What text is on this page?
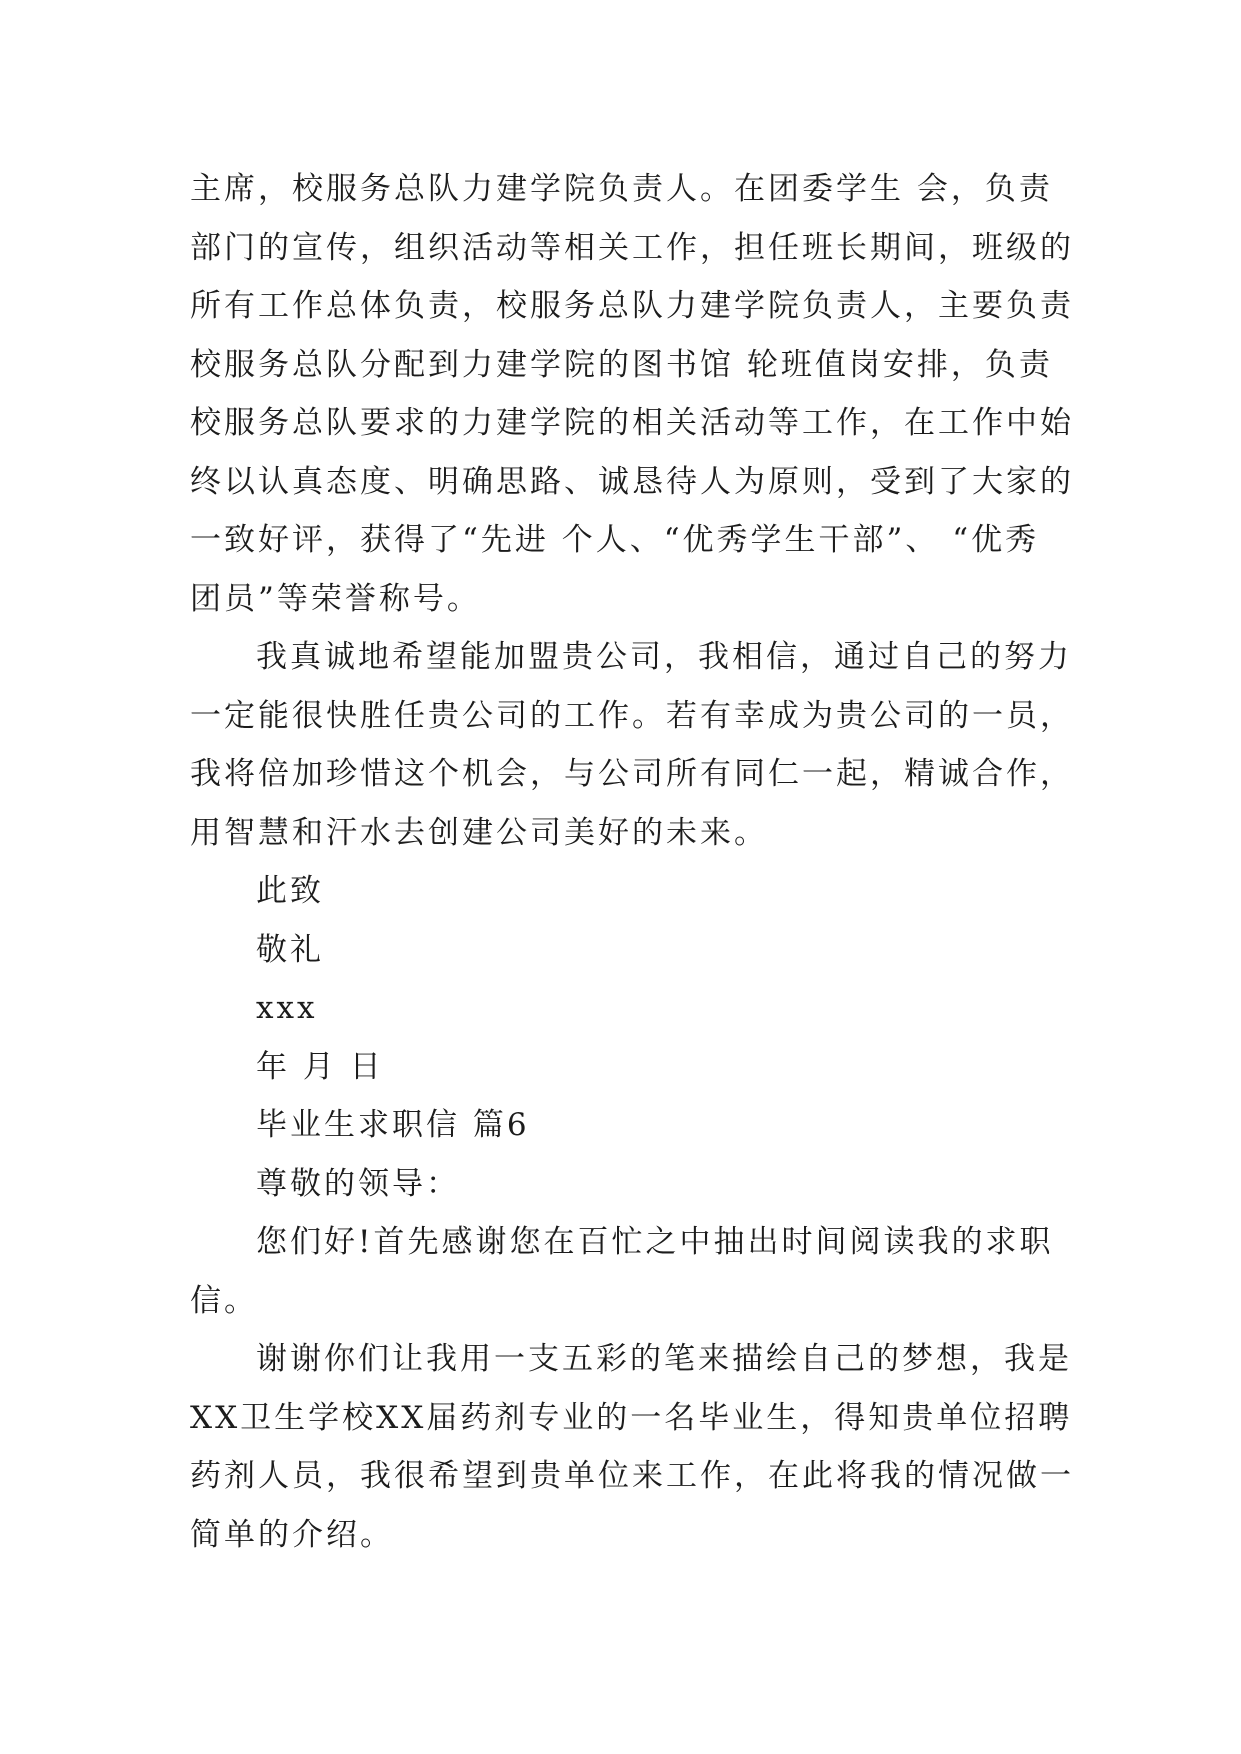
主席，校服务总队力建学院负责人。在团委学生 会，负责
部门的宣传，组织活动等相关工作，担任班长期间，班级的
所有工作总体负责，校服务总队力建学院负责人，主要负责
校服务总队分配到力建学院的图书馆 轮班值岗安排，负责
校服务总队要求的力建学院的相关活动等工作，在工作中始
终以认真态度、明确思路、诚恳待人为原则，受到了大家的
一致好评，获得了“先进 个人、“优秀学生干部”、 “优秀
团员”等荣誉称号。
我真诚地希望能加盟贵公司，我相信，通过自己的努力
一定能很快胜任贵公司的工作。若有幸成为贵公司的一员，
我将倍加珍惜这个机会，与公司所有同仁一起，精诚合作，
用智慧和汗水去创建公司美好的未来。
此致
敬礼
xxx
年 月 日
毕业生求职信 篇6
尊敬的领导：
您们好!首先感谢您在百忙之中抽出时间阅读我的求职
信。
谢谢你们让我用一支五彩的笔来描绘自己的梦想，我是
XX卫生学校XX届药剂专业的一名毕业生，得知贵单位招聘
药剂人员，我很希望到贵单位来工作，在此将我的情况做一
简单的介绍。
